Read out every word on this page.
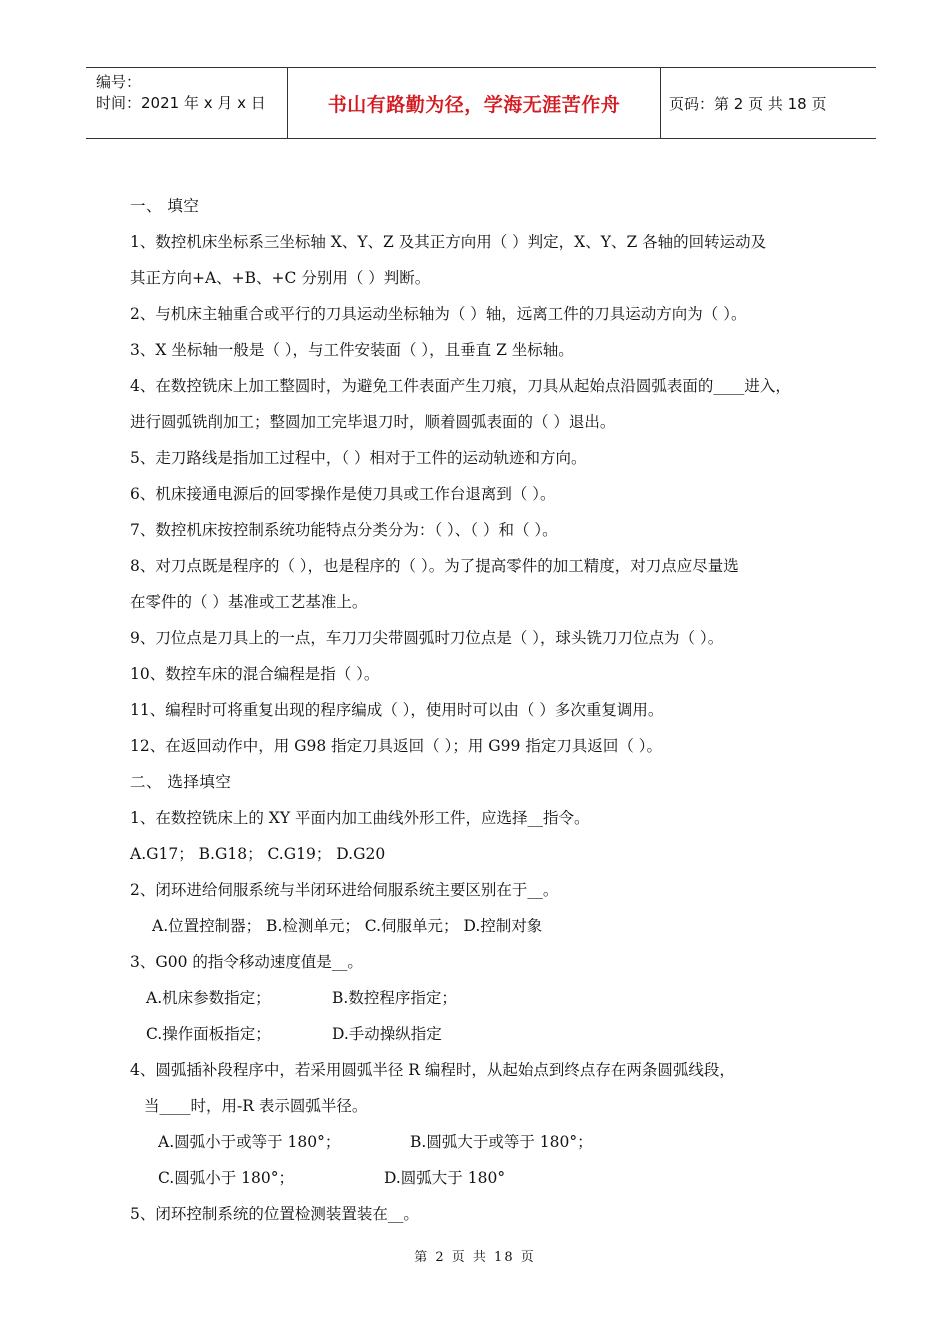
编号：
时间：2021 年 x 月 x 日	书山有路勤为径，学海无涯苦作舟	页码：第 2 页 共 18 页
一、 填空
1、数控机床坐标系三坐标轴 X、Y、Z 及其正方向用（ ）判定，X、Y、Z 各轴的回转运动及
其正方向+A、+B、+C 分别用（ ）判断。
2、与机床主轴重合或平行的刀具运动坐标轴为（ ）轴，远离工件的刀具运动方向为（ ）。
3、X 坐标轴一般是（ ），与工件安装面（ ），且垂直 Z 坐标轴。
4、在数控铣床上加工整圆时，为避免工件表面产生刀痕，刀具从起始点沿圆弧表面的____进入，
进行圆弧铣削加工；整圆加工完毕退刀时，顺着圆弧表面的（ ）退出。
5、走刀路线是指加工过程中，（ ）相对于工件的运动轨迹和方向。
6、机床接通电源后的回零操作是使刀具或工作台退离到（ ）。
7、数控机床按控制系统功能特点分类分为：（ ）、（ ）和（ ）。
8、对刀点既是程序的（ ），也是程序的（ ）。为了提高零件的加工精度，对刀点应尽量选
在零件的（ ）基准或工艺基准上。
9、刀位点是刀具上的一点，车刀刀尖带圆弧时刀位点是（ ），球头铣刀刀位点为（ ）。
10、数控车床的混合编程是指（ ）。
11、编程时可将重复出现的程序编成（ ），使用时可以由（ ）多次重复调用。
12、在返回动作中，用 G98 指定刀具返回（ ）；用 G99 指定刀具返回（ ）。
二、 选择填空
1、在数控铣床上的 XY 平面内加工曲线外形工件，应选择__指令。
A.G17； B.G18； C.G19； D.G20
2、闭环进给伺服系统与半闭环进给伺服系统主要区别在于__。
A.位置控制器； B.检测单元； C.伺服单元； D.控制对象
3、G00 的指令移动速度值是__。
A.机床参数指定；	B.数控程序指定；
C.操作面板指定；	D.手动操纵指定
4、圆弧插补段程序中，若采用圆弧半径 R 编程时，从起始点到终点存在两条圆弧线段，
当____时，用-R 表示圆弧半径。
A.圆弧小于或等于 180°；	B.圆弧大于或等于 180°；
C.圆弧小于 180°；	D.圆弧大于 180°
5、闭环控制系统的位置检测装置装在__。
第 2 页 共 18 页
